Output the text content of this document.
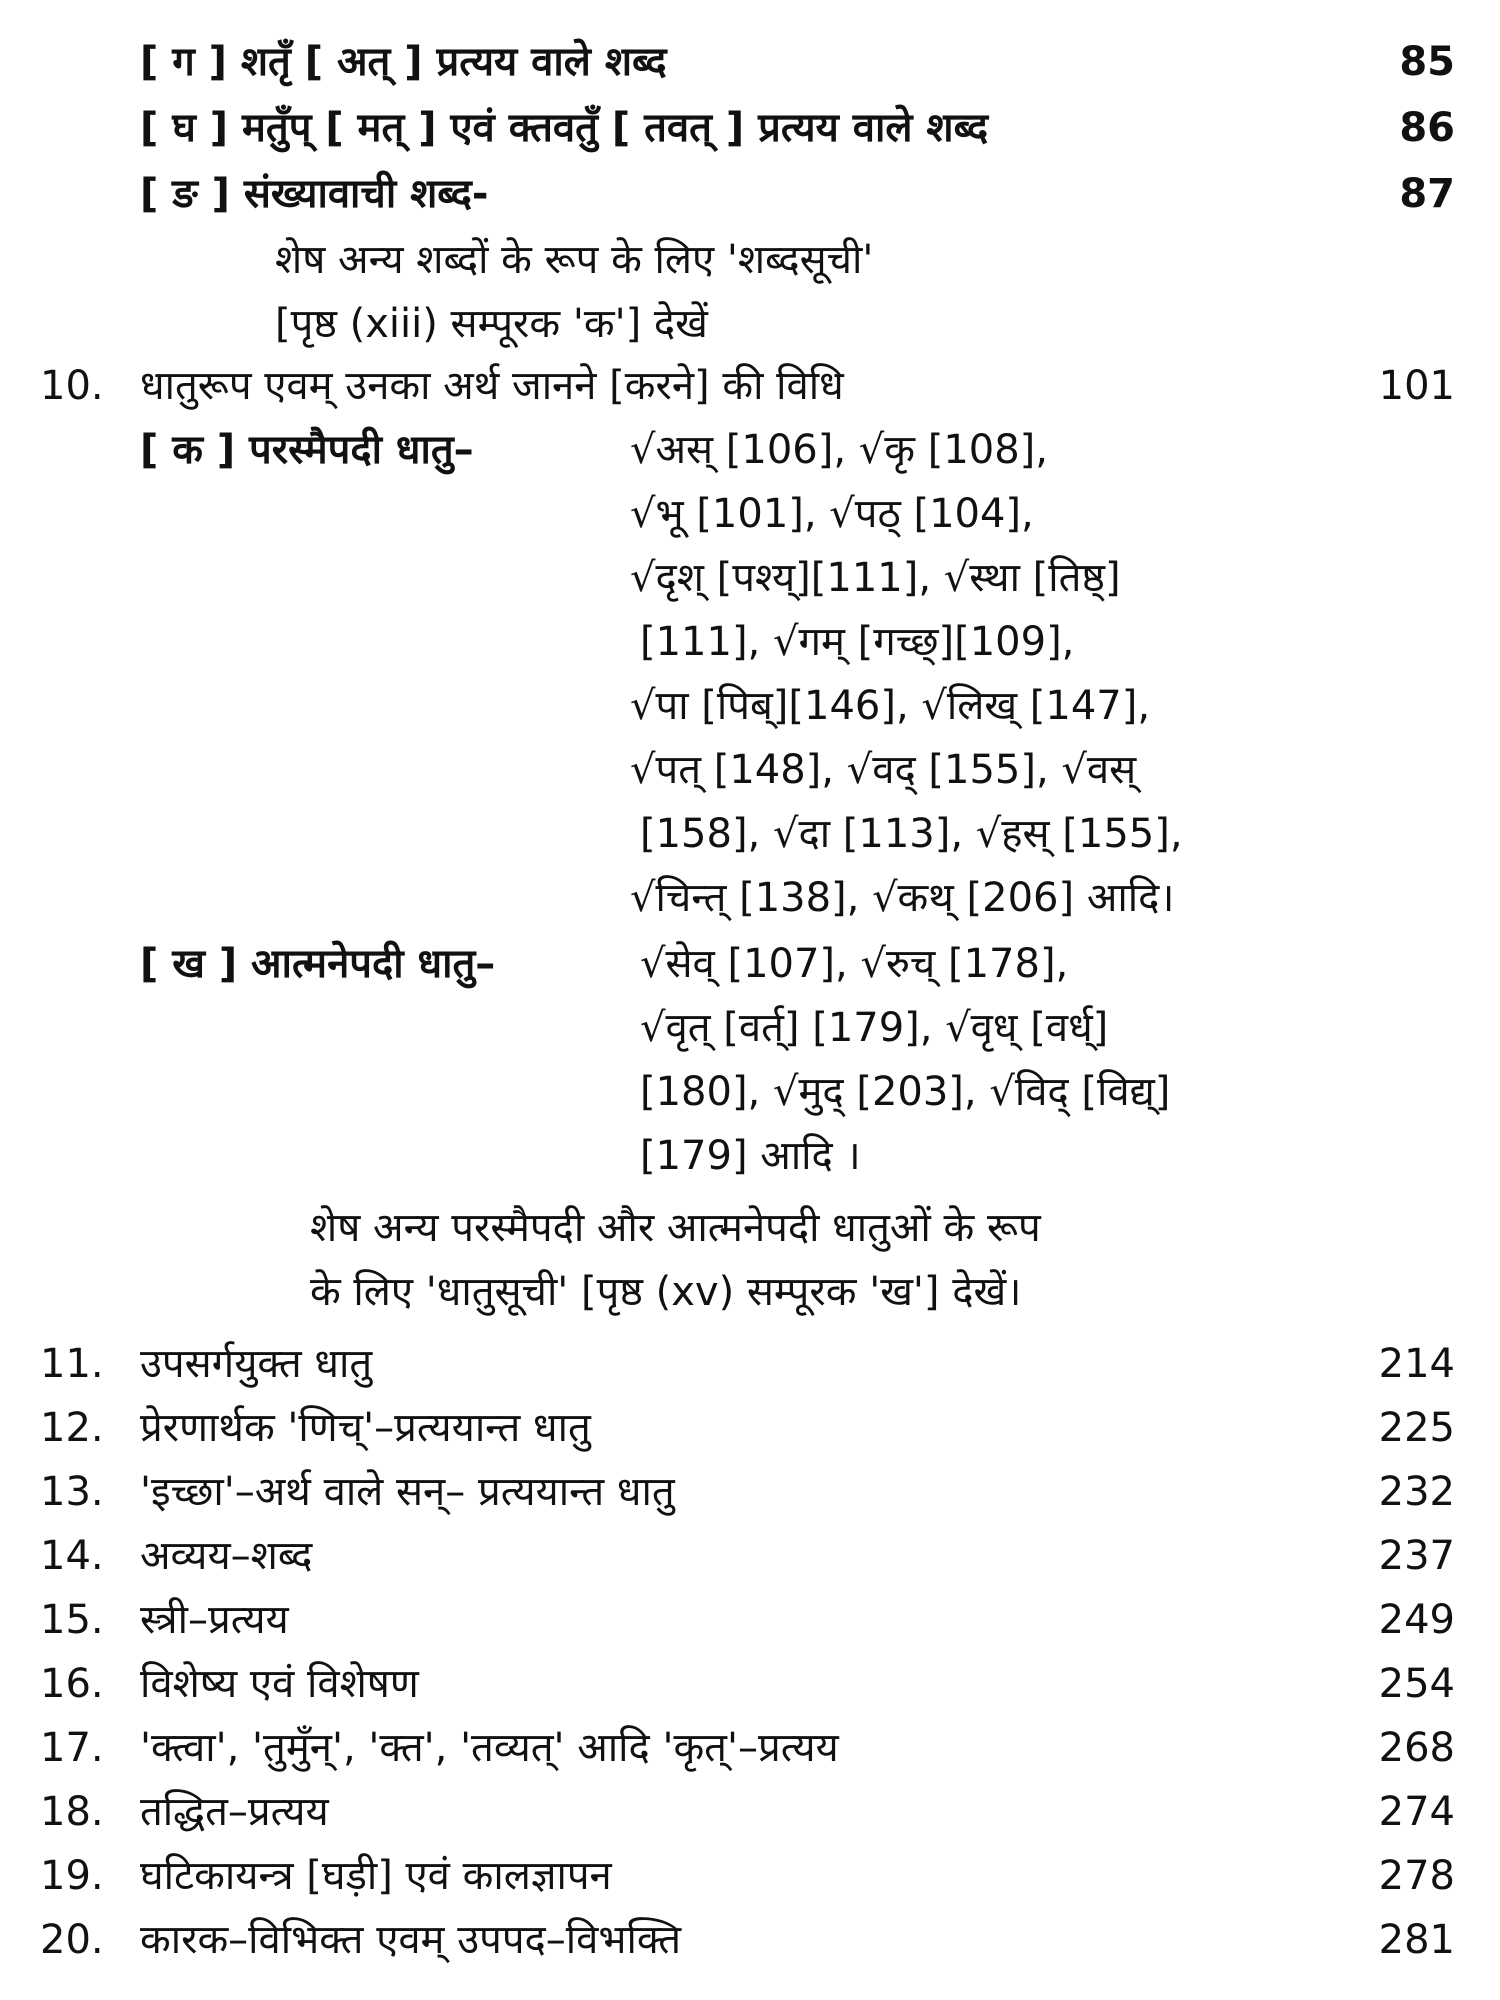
[ ग ] शतृँ [ अत् ] प्रत्यय वाले शब्द	85
[ घ ] मतुँप् [ मत् ] एवं क्तवतुँ [ तवत् ] प्रत्यय वाले शब्द	86
[ ङ ] संख्यावाची शब्द-	87
शेष अन्य शब्दों के रूप के लिए 'शब्दसूची'
[पृष्ठ (xiii) सम्पूरक 'क'] देखें
10. धातुरूप एवम् उनका अर्थ जानने [करने] की विधि	101
[ क ] परस्मैपदी धातु–	√अस् [106], √कृ [108],
√भू [101], √पठ् [104],
√दृश् [पश्य्][111], √स्था [तिष्ठ्]
[111], √गम् [गच्छ्][109],
√पा [पिब्][146], √लिख् [147],
√पत् [148], √वद् [155], √वस्
[158], √दा [113], √हस् [155],
√चिन्त् [138], √कथ् [206] आदि।
[ ख ] आत्मनेपदी धातु–	√सेव् [107], √रुच् [178],
√वृत् [वर्त्] [179], √वृध् [वर्ध्]
[180], √मुद् [203], √विद् [विद्य्]
[179] आदि ।
शेष अन्य परस्मैपदी और आत्मनेपदी धातुओं के रूप
के लिए 'धातुसूची' [पृष्ठ (xv) सम्पूरक 'ख'] देखें।
11. उपसर्गयुक्त धातु	214
12. प्रेरणार्थक 'णिच्'–प्रत्ययान्त धातु	225
13. 'इच्छा'–अर्थ वाले सन्– प्रत्ययान्त धातु	232
14. अव्यय–शब्द	237
15. स्त्री–प्रत्यय	249
16. विशेष्य एवं विशेषण	254
17. 'क्त्वा', 'तुमुँन्', 'क्त', 'तव्यत्' आदि 'कृत्'–प्रत्यय	268
18. तद्धित–प्रत्यय	274
19. घटिकायन्त्र [घड़ी] एवं कालज्ञापन	278
20. कारक–विभिक्त एवम् उपपद–विभक्ति	281
